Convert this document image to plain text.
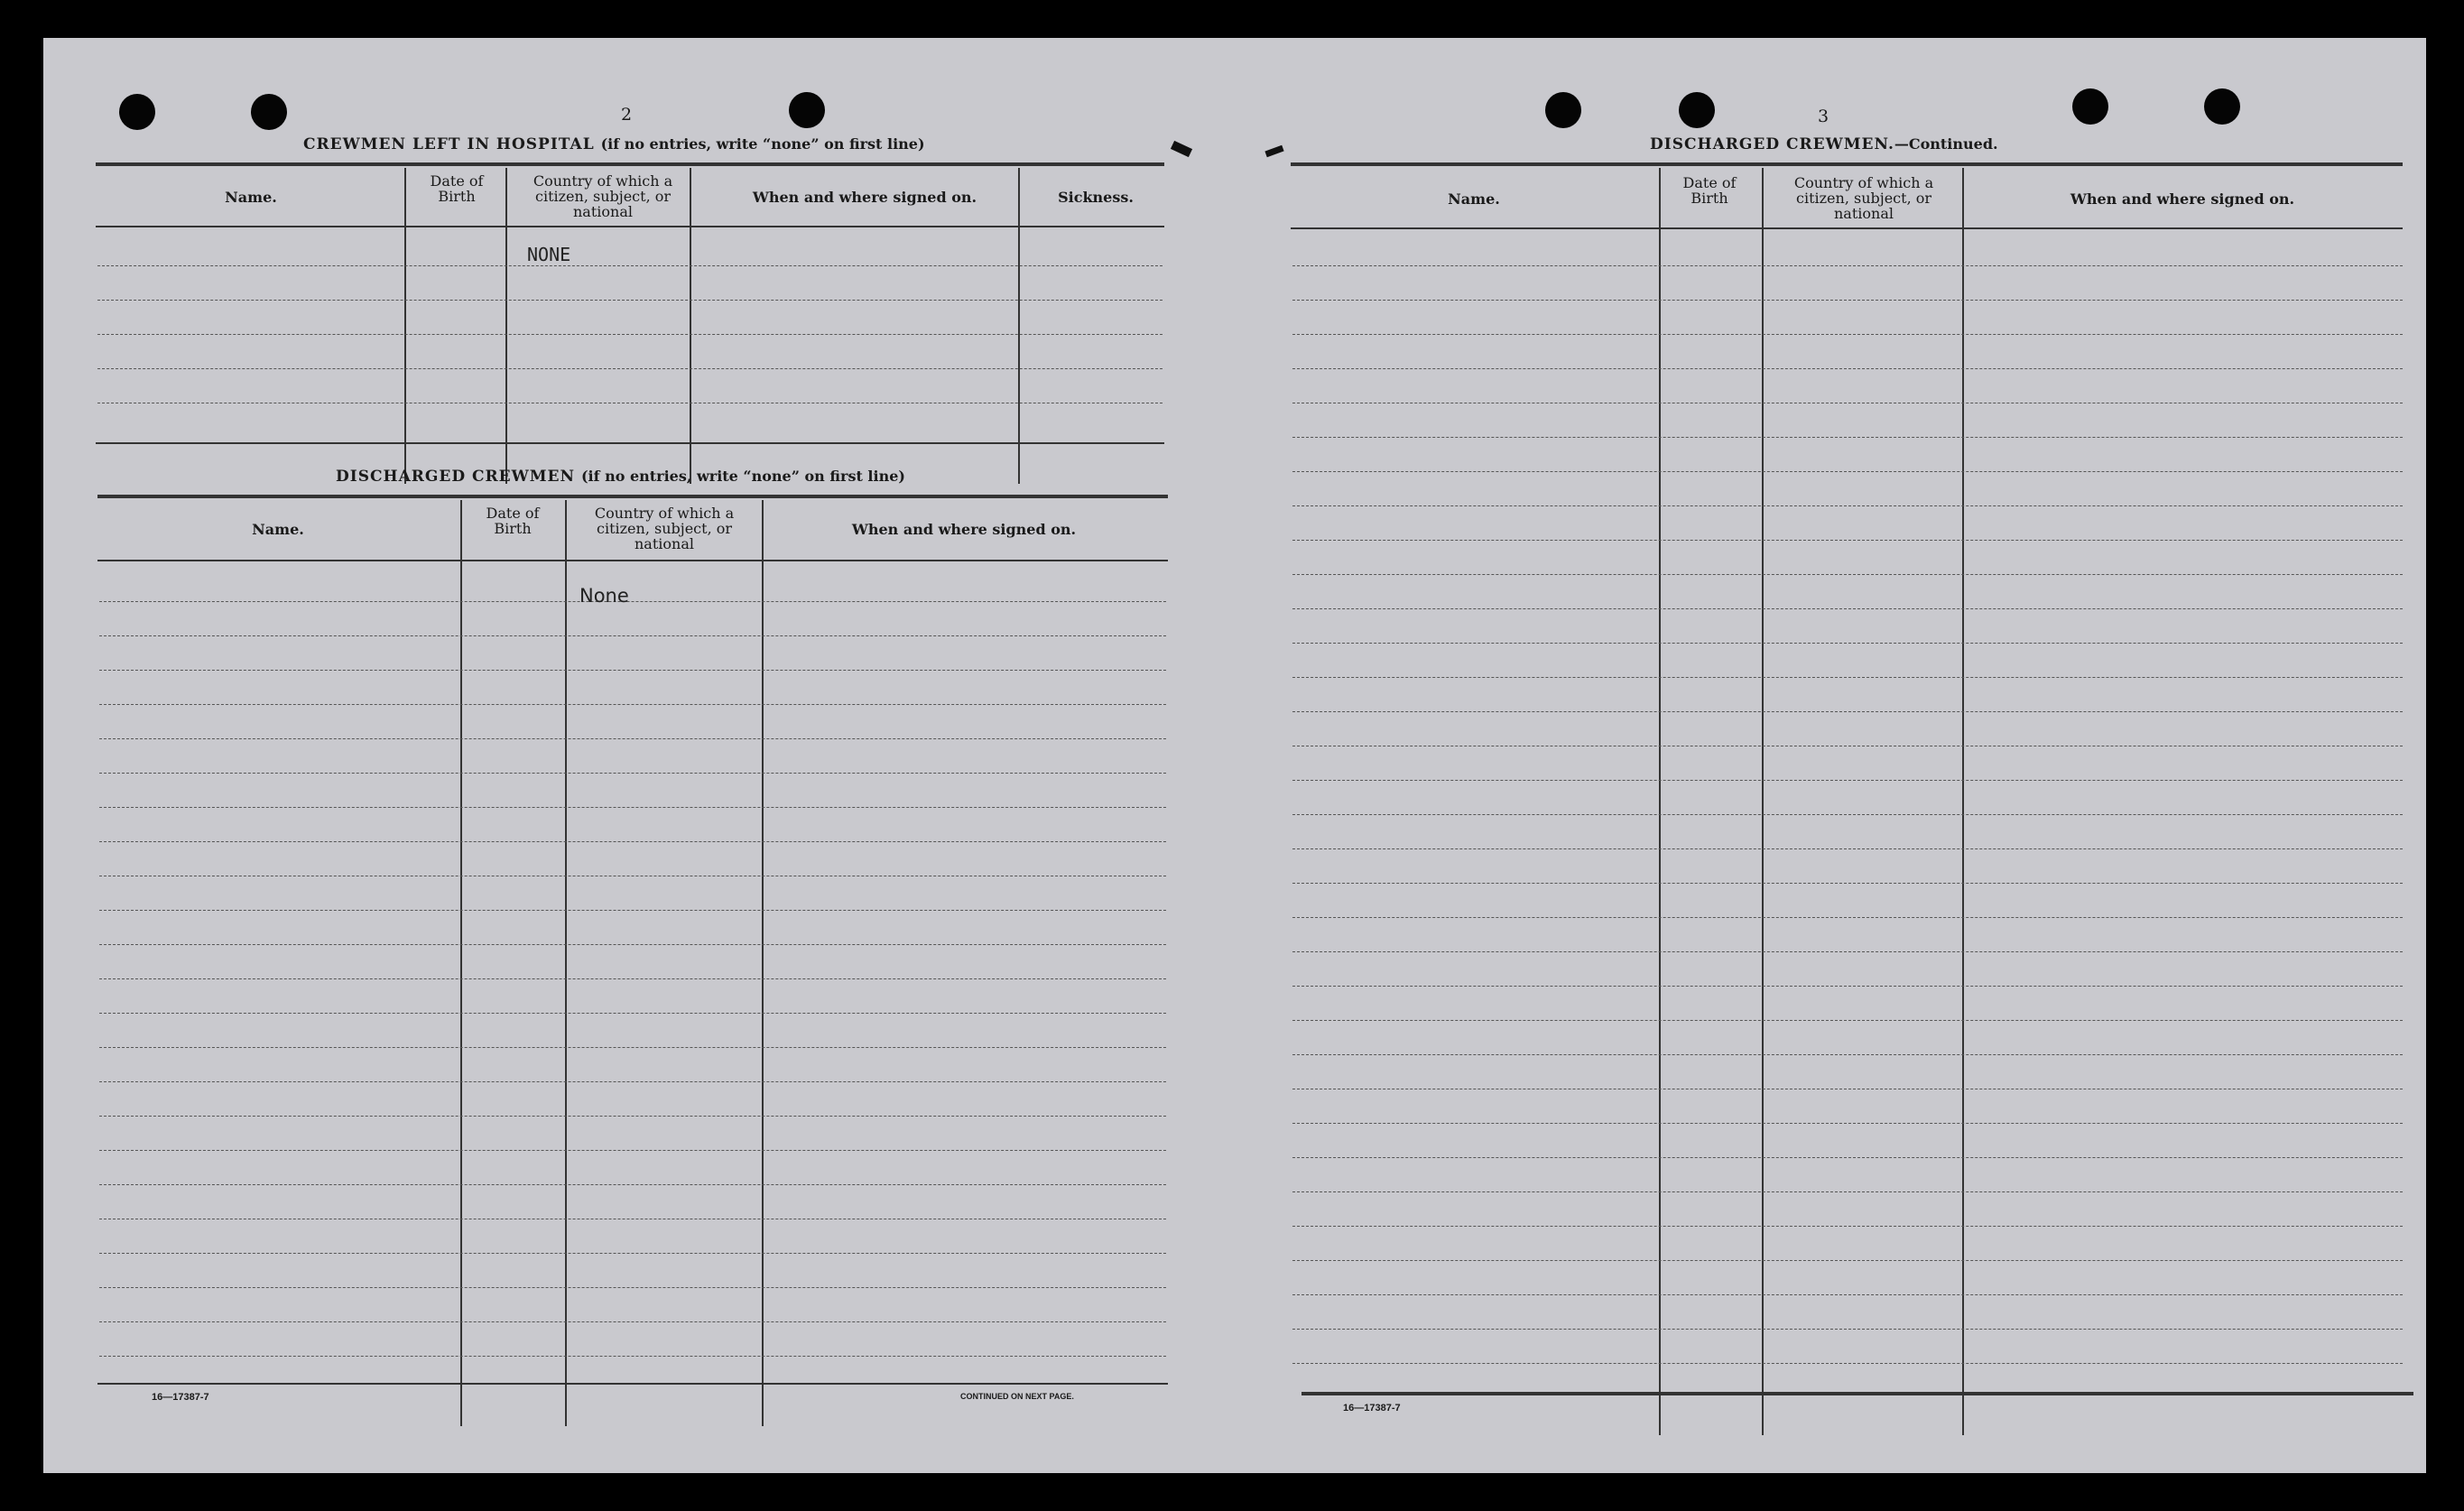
2
CREWMEN LEFT IN HOSPITAL (if no entries, write “none” on first line)
Name.
Date of Birth
Country of which a citizen, subject, or national
When and where signed on.	Sickness.
NONE
DISCHARGED CREWMEN (if no entries, write “none” on first line)
Name.
Date of Birth
Country of which a citizen, subject, or national
When and where signed on.
None
16—17387-7	CONTINUED ON NEXT PAGE.
3
DISCHARGED CREWMEN.—Continued.
Name.
Date of Birth
Country of which a citizen, subject, or national
When and where signed on.
16—17387-7
